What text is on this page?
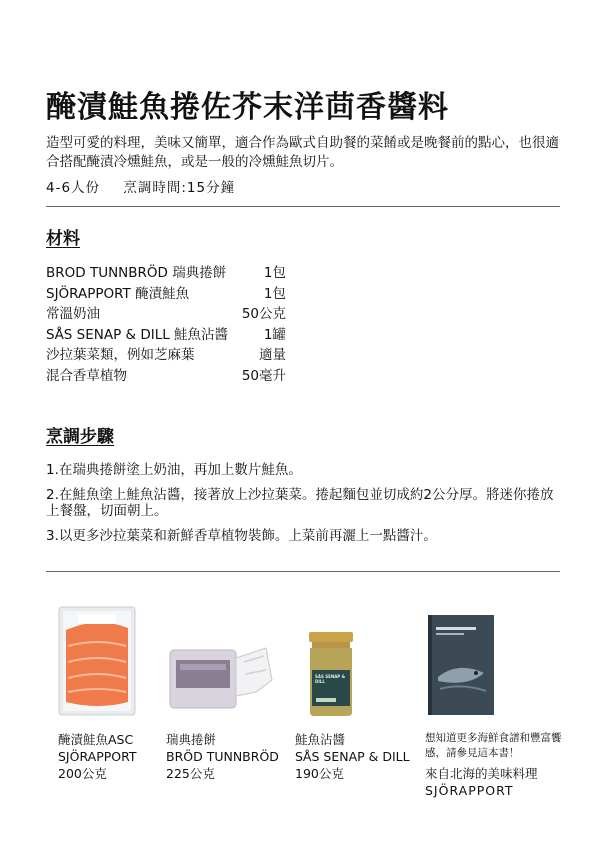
醃漬鮭魚捲佐芥末洋茴香醬料
造型可愛的料理，美味又簡單，適合作為歐式自助餐的菜餚或是晚餐前的點心，也很適合搭配醃漬冷燻鮭魚，或是一般的冷燻鮭魚切片。
4-6人份 烹調時間:15分鐘
材料
BROD TUNNBRÖD 瑞典捲餅	1包
SJÖRAPPORT 醃漬鮭魚	1包
常溫奶油	50公克
SÅS SENAP & DILL 鮭魚沾醬	1罐
沙拉葉菜類，例如芝麻葉	適量
混合香草植物	50毫升
烹調步驟
1.在瑞典捲餅塗上奶油，再加上數片鮭魚。
2.在鮭魚塗上鮭魚沾醬，接著放上沙拉葉菜。捲起麵包並切成約2公分厚。將迷你捲放上餐盤，切面朝上。
3.以更多沙拉葉菜和新鮮香草植物裝飾。上菜前再灑上一點醬汁。
SÅS SENAP & DILL
醃漬鮭魚ASC
SJÖRAPPORT
200公克
瑞典捲餅
BRÖD TUNNBRÖD
225公克
鮭魚沾醬
SÅS SENAP & DILL
190公克
想知道更多海鮮食譜和豐富饗感，請參見這本書！
來自北海的美味料理
SJÖRAPPORT
